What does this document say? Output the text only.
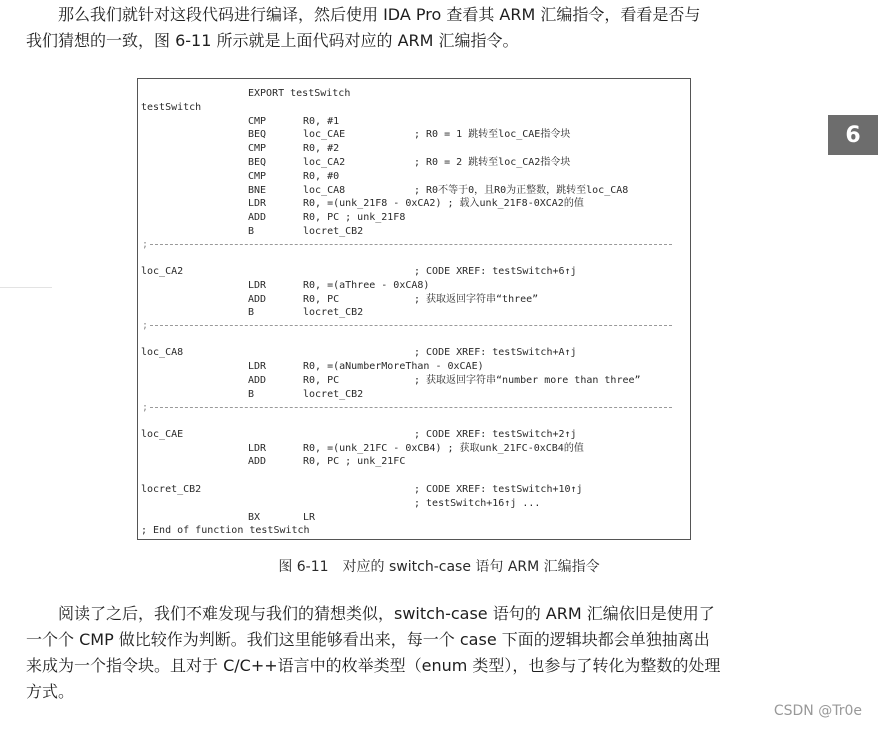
那么我们就针对这段代码进行编译，然后使用 IDA Pro 查看其 ARM 汇编指令，看看是否与
我们猜想的一致，图 6-11 所示就是上面代码对应的 ARM 汇编指令。
6
EXPORT testSwitch
testSwitch
CMP	R0, #1
BEQ	loc_CAE	; R0 = 1 跳转至loc_CAE指令块
CMP	R0, #2
BEQ	loc_CA2	; R0 = 2 跳转至loc_CA2指令块
CMP	R0, #0
BNE	loc_CA8	; R0不等于0，且R0为正整数，跳转至loc_CA8
LDR	R0, =(unk_21F8 - 0xCA2) ; 载入unk_21F8-0XCA2的值
ADD	R0, PC ; unk_21F8
B	locret_CB2
;
loc_CA2	; CODE XREF: testSwitch+6↑j
LDR	R0, =(aThree - 0xCA8)
ADD	R0, PC	; 获取返回字符串“three”
B	locret_CB2
;
loc_CA8	; CODE XREF: testSwitch+A↑j
LDR	R0, =(aNumberMoreThan - 0xCAE)
ADD	R0, PC	; 获取返回字符串“number more than three”
B	locret_CB2
;
loc_CAE	; CODE XREF: testSwitch+2↑j
LDR	R0, =(unk_21FC - 0xCB4) ; 获取unk_21FC-0xCB4的值
ADD	R0, PC ; unk_21FC
locret_CB2	; CODE XREF: testSwitch+10↑j
; testSwitch+16↑j ...
BX	LR
; End of function testSwitch
图 6-11　对应的 switch-case 语句 ARM 汇编指令
阅读了之后，我们不难发现与我们的猜想类似，switch-case 语句的 ARM 汇编依旧是使用了
一个个 CMP 做比较作为判断。我们这里能够看出来，每一个 case 下面的逻辑块都会单独抽离出
来成为一个指令块。且对于 C/C++语言中的枚举类型（enum 类型），也参与了转化为整数的处理
方式。
CSDN @Tr0e
